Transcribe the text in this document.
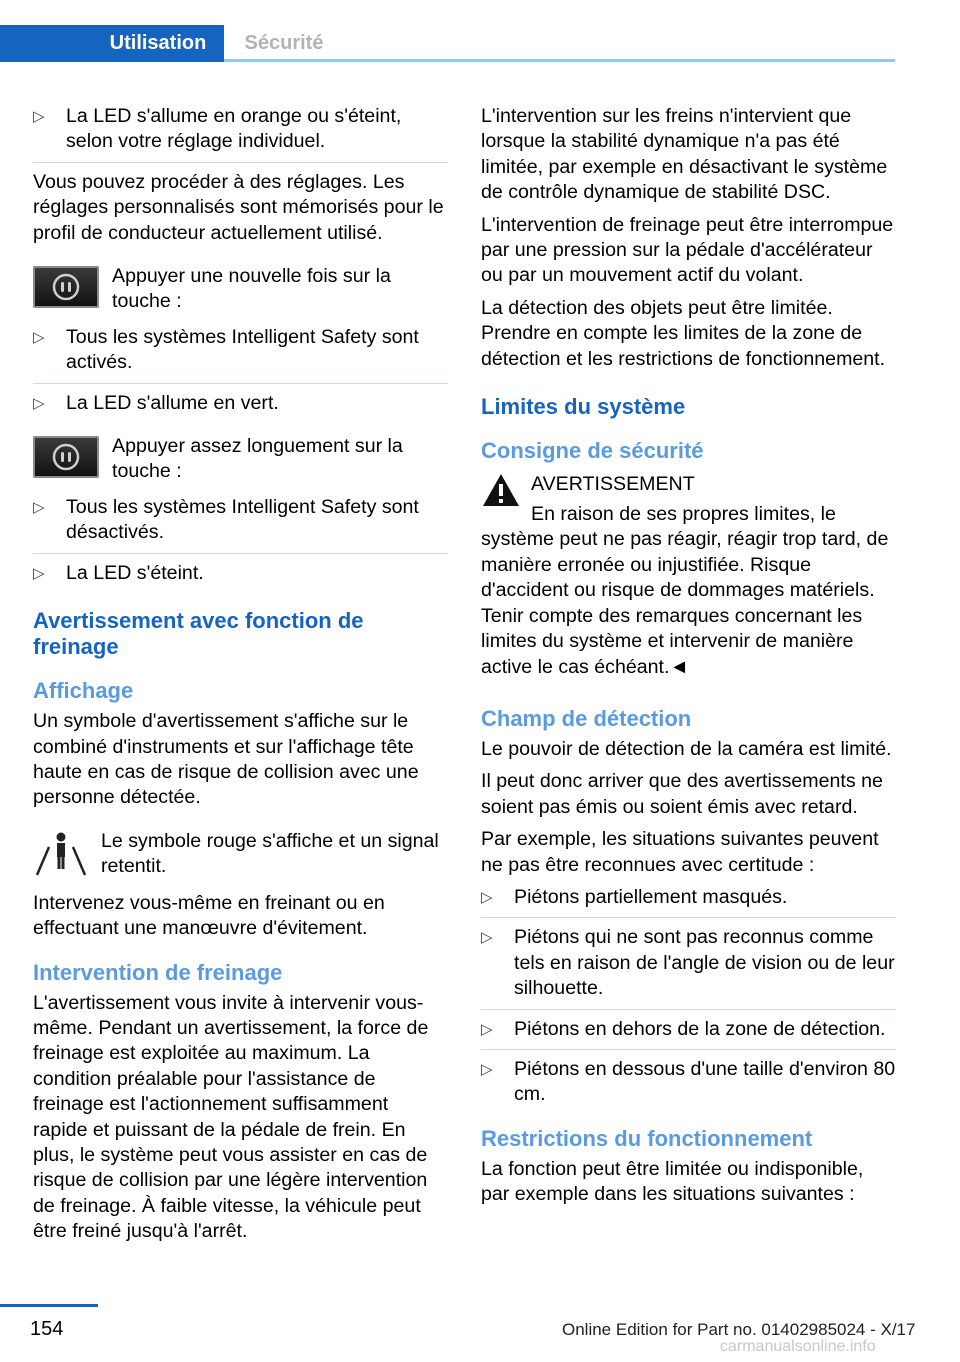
Utilisation	Sécurité
▷ La LED s'allume en orange ou s'éteint, selon votre réglage individuel.

Vous pouvez procéder à des réglages. Les réglages personnalisés sont mémorisés pour le profil de conducteur actuellement utilisé.

Appuyer une nouvelle fois sur la touche :
▷ Tous les systèmes Intelligent Safety sont activés.
▷ La LED s'allume en vert.
Appuyer assez longuement sur la touche :
▷ Tous les systèmes Intelligent Safety sont désactivés.
▷ La LED s'éteint.
Avertissement avec fonction de freinage
Affichage

Un symbole d'avertissement s'affiche sur le combiné d'instruments et sur l'affichage tête haute en cas de risque de collision avec une personne détectée.

Le symbole rouge s'affiche et un signal retentit.

Intervenez vous-même en freinant ou en effectuant une manœuvre d'évitement.

Intervention de freinage

L'avertissement vous invite à intervenir vous-même. Pendant un avertissement, la force de freinage est exploitée au maximum. La condition préalable pour l'assistance de freinage est l'actionnement suffisamment rapide et puissant de la pédale de frein. En plus, le système peut vous assister en cas de risque de collision par une légère intervention de freinage. À faible vitesse, la véhicule peut être freiné jusqu'à l'arrêt.

L'intervention sur les freins n'intervient que lorsque la stabilité dynamique n'a pas été limitée, par exemple en désactivant le système de contrôle dynamique de stabilité DSC.

L'intervention de freinage peut être interrompue par une pression sur la pédale d'accélérateur ou par un mouvement actif du volant.

La détection des objets peut être limitée. Prendre en compte les limites de la zone de détection et les restrictions de fonctionnement.

Limites du système
Consigne de sécurité
AVERTISSEMENT
En raison de ses propres limites, le système peut ne pas réagir, réagir trop tard, de manière erronée ou injustifiée. Risque d'accident ou risque de dommages matériels. Tenir compte des remarques concernant les limites du système et intervenir de manière active le cas échéant.◄
Champ de détection

Le pouvoir de détection de la caméra est limité.

Il peut donc arriver que des avertissements ne soient pas émis ou soient émis avec retard.

Par exemple, les situations suivantes peuvent ne pas être reconnues avec certitude :

▷ Piétons partiellement masqués.
▷ Piétons qui ne sont pas reconnus comme tels en raison de l'angle de vision ou de leur silhouette.
▷ Piétons en dehors de la zone de détection.
▷ Piétons en dessous d'une taille d'environ 80 cm.
Restrictions du fonctionnement

La fonction peut être limitée ou indisponible, par exemple dans les situations suivantes :

154	Online Edition for Part no. 01402985024 - X/17
carmanualsonline.info
